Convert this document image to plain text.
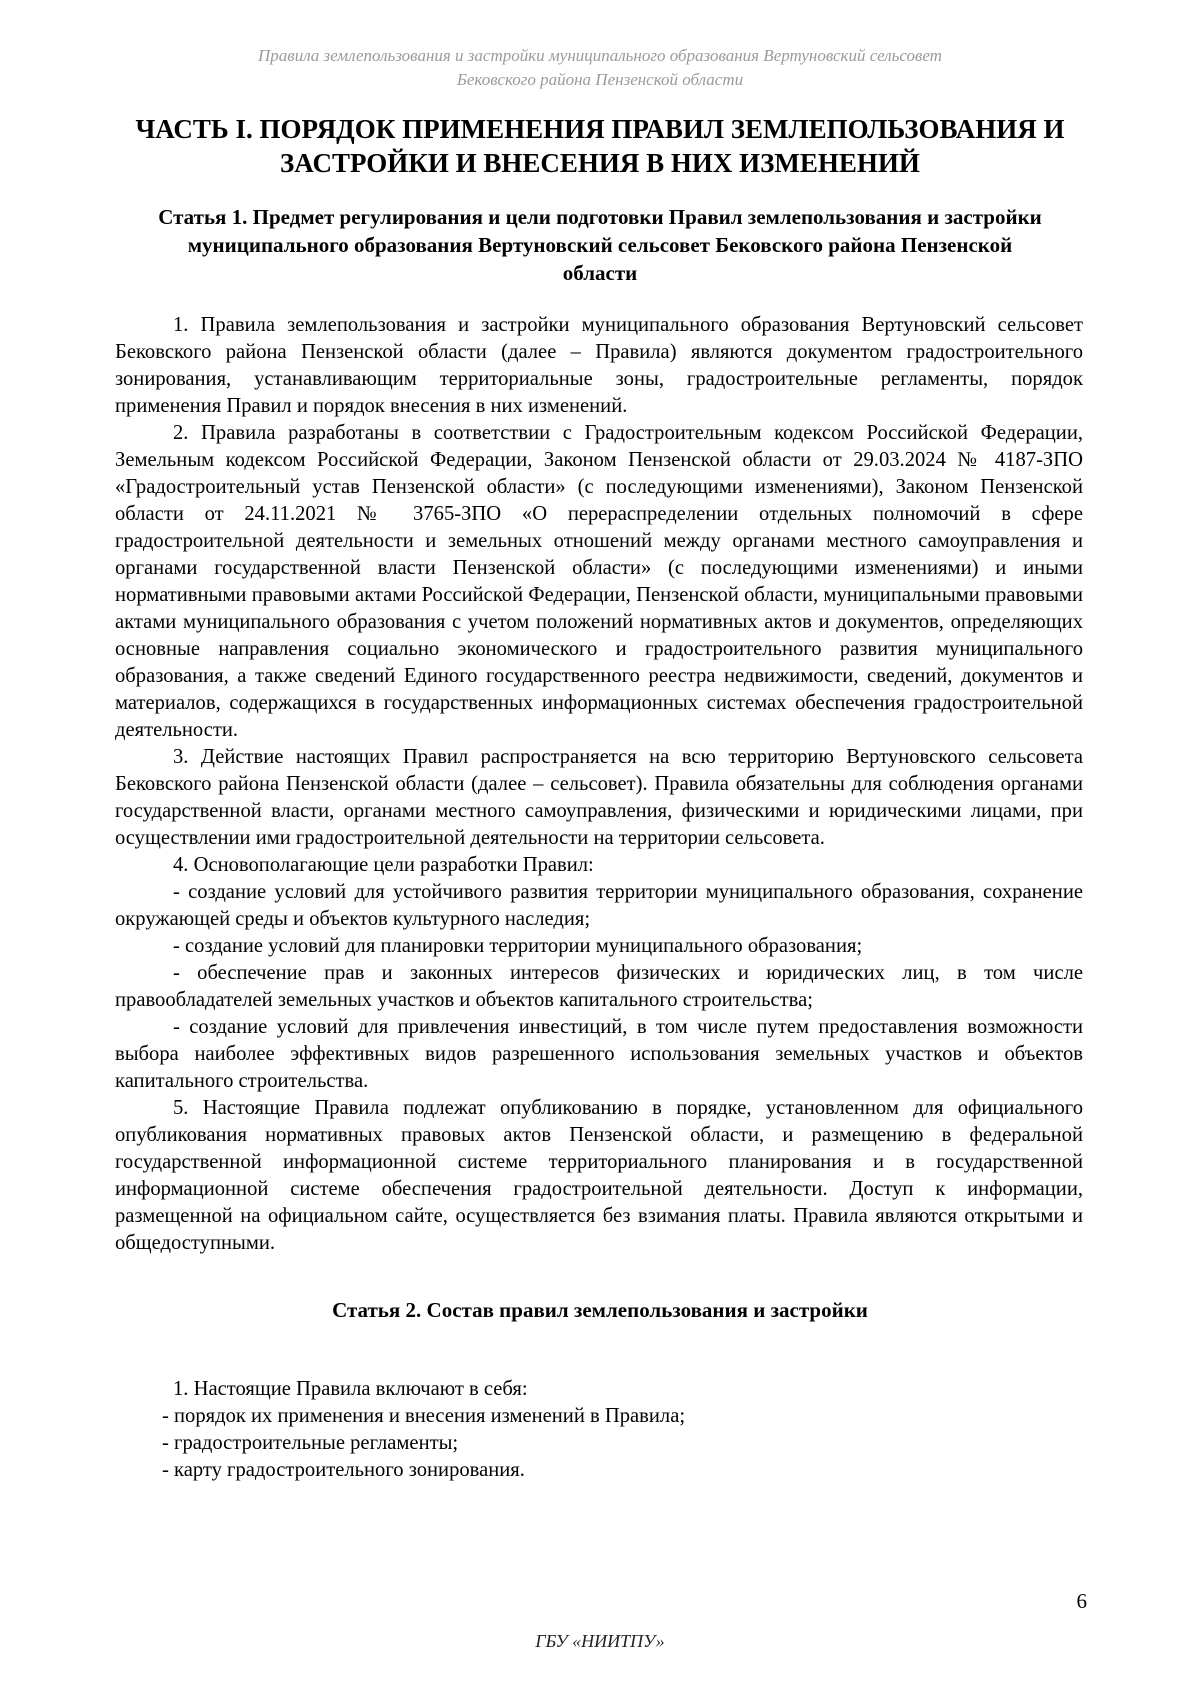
Правила землепользования и застройки муниципального образования Вертуновский сельсовет
Бековского района Пензенской области
ЧАСТЬ I. ПОРЯДОК ПРИМЕНЕНИЯ ПРАВИЛ ЗЕМЛЕПОЛЬЗОВАНИЯ И
ЗАСТРОЙКИ И ВНЕСЕНИЯ В НИХ ИЗМЕНЕНИЙ
Статья 1. Предмет регулирования и цели подготовки Правил землепользования и застройки
муниципального образования Вертуновский сельсовет Бековского района Пензенской
области

1. Правила землепользования и застройки муниципального образования Вертуновский сельсовет Бековского района Пензенской области (далее – Правила) являются документом градостроительного зонирования, устанавливающим территориальные зоны, градостроительные регламенты, порядок применения Правил и порядок внесения в них изменений.

2. Правила разработаны в соответствии с Градостроительным кодексом Российской Федерации, Земельным кодексом Российской Федерации, Законом Пензенской области от 29.03.2024 № 4187-ЗПО «Градостроительный устав Пензенской области» (с последующими изменениями), Законом Пензенской области от 24.11.2021 № 3765-ЗПО «О перераспределении отдельных полномочий в сфере градостроительной деятельности и земельных отношений между органами местного самоуправления и органами государственной власти Пензенской области» (с последующими изменениями) и иными нормативными правовыми актами Российской Федерации, Пензенской области, муниципальными правовыми актами муниципального образования с учетом положений нормативных актов и документов, определяющих основные направления социально экономического и градостроительного развития муниципального образования, а также сведений Единого государственного реестра недвижимости, сведений, документов и материалов, содержащихся в государственных информационных системах обеспечения градостроительной деятельности.

3. Действие настоящих Правил распространяется на всю территорию Вертуновского сельсовета Бековского района Пензенской области (далее – сельсовет). Правила обязательны для соблюдения органами государственной власти, органами местного самоуправления, физическими и юридическими лицами, при осуществлении ими градостроительной деятельности на территории сельсовета.

4. Основополагающие цели разработки Правил:

- создание условий для устойчивого развития территории муниципального образования, сохранение окружающей среды и объектов культурного наследия;

- создание условий для планировки территории муниципального образования;

- обеспечение прав и законных интересов физических и юридических лиц, в том числе правообладателей земельных участков и объектов капитального строительства;

- создание условий для привлечения инвестиций, в том числе путем предоставления возможности выбора наиболее эффективных видов разрешенного использования земельных участков и объектов капитального строительства.

5. Настоящие Правила подлежат опубликованию в порядке, установленном для официального опубликования нормативных правовых актов Пензенской области, и размещению в федеральной государственной информационной системе территориального планирования и в государственной информационной системе обеспечения градостроительной деятельности. Доступ к информации, размещенной на официальном сайте, осуществляется без взимания платы. Правила являются открытыми и общедоступными.

Статья 2. Состав правил землепользования и застройки

1. Настоящие Правила включают в себя:

- порядок их применения и внесения изменений в Правила;

- градостроительные регламенты;

- карту градостроительного зонирования.

6
ГБУ «НИИТПУ»
